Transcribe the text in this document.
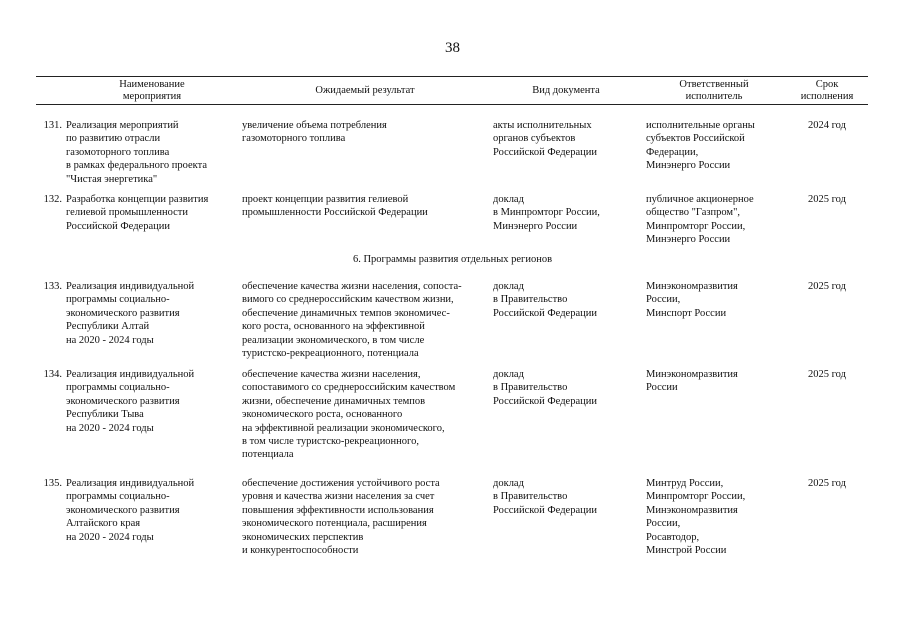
38
Наименование
мероприятия
Ожидаемый результат	Вид документа
Ответственный
исполнитель
Срок
исполнения
131. Реализация мероприятий
по развитию отрасли
газомоторного топлива
в рамках федерального проекта
"Чистая энергетика"
увеличение объема потребления
газомоторного топлива
акты исполнительных
органов субъектов
Российской Федерации
исполнительные органы
субъектов Российской
Федерации,
Минэнерго России
2024 год
132. Разработка концепции развития
гелиевой промышленности
Российской Федерации
проект концепции развития гелиевой
промышленности Российской Федерации
доклад
в Минпромторг России,
Минэнерго России
публичное акционерное
общество "Газпром",
Минпромторг России,
Минэнерго России
2025 год
6. Программы развития отдельных регионов
133. Реализация индивидуальной
программы социально-
экономического развития
Республики Алтай
на 2020 - 2024 годы
обеспечение качества жизни населения, сопоста-
вимого со среднероссийским качеством жизни,
обеспечение динамичных темпов экономичес-
кого роста, основанного на эффективной
реализации экономического, в том числе
туристско-рекреационного, потенциала
доклад
в Правительство
Российской Федерации
Минэкономразвития
России,
Минспорт России
2025 год
134. Реализация индивидуальной
программы социально-
экономического развития
Республики Тыва
на 2020 - 2024 годы
обеспечение качества жизни населения,
сопоставимого со среднероссийским качеством
жизни, обеспечение динамичных темпов
экономического роста, основанного
на эффективной реализации экономического,
в том числе туристско-рекреационного,
потенциала
доклад
в Правительство
Российской Федерации
Минэкономразвития
России
2025 год
135. Реализация индивидуальной
программы социально-
экономического развития
Алтайского края
на 2020 - 2024 годы
обеспечение достижения устойчивого роста
уровня и качества жизни населения за счет
повышения эффективности использования
экономического потенциала, расширения
экономических перспектив
и конкурентоспособности
доклад
в Правительство
Российской Федерации
Минтруд России,
Минпромторг России,
Минэкономразвития
России,
Росавтодор,
Минстрой России
2025 год
